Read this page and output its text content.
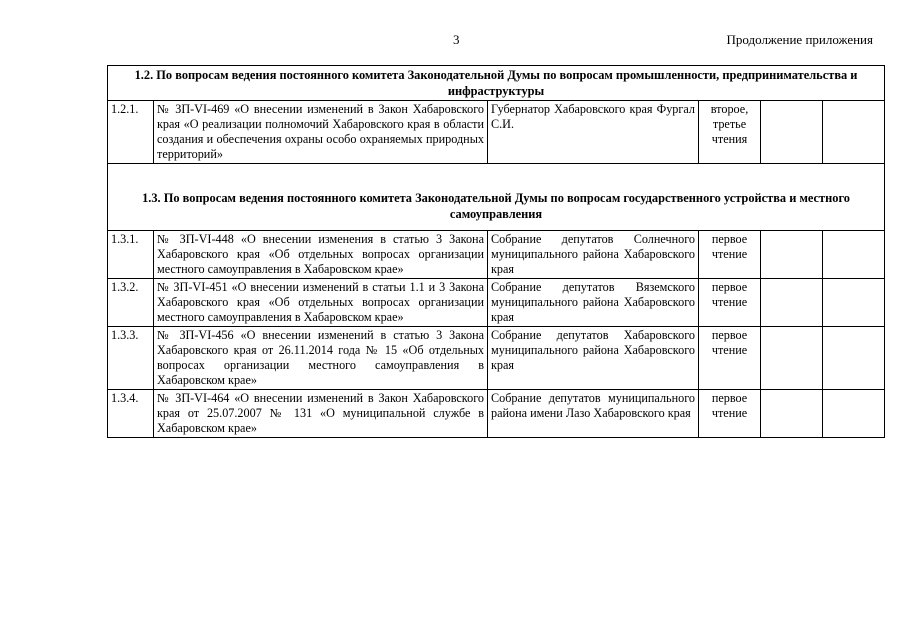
3	Продолжение приложения
1.2. По вопросам ведения постоянного комитета Законодательной Думы по вопросам промышленности, предпринимательства и инфраструктуры					
1.2.1.	№ ЗП-VI-469 «О внесении изменений в Закон Хабаровского края «О реализации полномочий Хабаровского края в области создания и обеспечения охраны особо охраняемых природных территорий»	Губернатор Хабаровского края Фургал С.И.	второе, третье чтения		
1.3. По вопросам ведения постоянного комитета Законодательной Думы по вопросам государственного устройства и местного самоуправления					
1.3.1.	№ ЗП-VI-448 «О внесении изменения в статью 3 Закона Хабаровского края «Об отдельных вопросах организации местного самоуправления в Хабаровском крае»	Собрание депутатов Солнечного муниципального района Хабаровского края	первое чтение		
1.3.2.	№ ЗП-VI-451 «О внесении изменений в статьи 1.1 и 3 Закона Хабаровского края «Об отдельных вопросах организации местного самоуправления в Хабаровском крае»	Собрание депутатов Вяземского муниципального района Хабаровского края	первое чтение		
1.3.3.	№ ЗП-VI-456 «О внесении изменений в статью 3 Закона Хабаровского края от 26.11.2014 года № 15 «Об отдельных вопросах организации местного самоуправления в Хабаровском крае»	Собрание депутатов Хабаровского муниципального района Хабаровского края	первое чтение		
1.3.4.	№ ЗП-VI-464 «О внесении изменений в Закон Хабаровского края от 25.07.2007 № 131 «О муниципальной службе в Хабаровском крае»	Собрание депутатов муниципального района имени Лазо Хабаровского края	первое чтение		
